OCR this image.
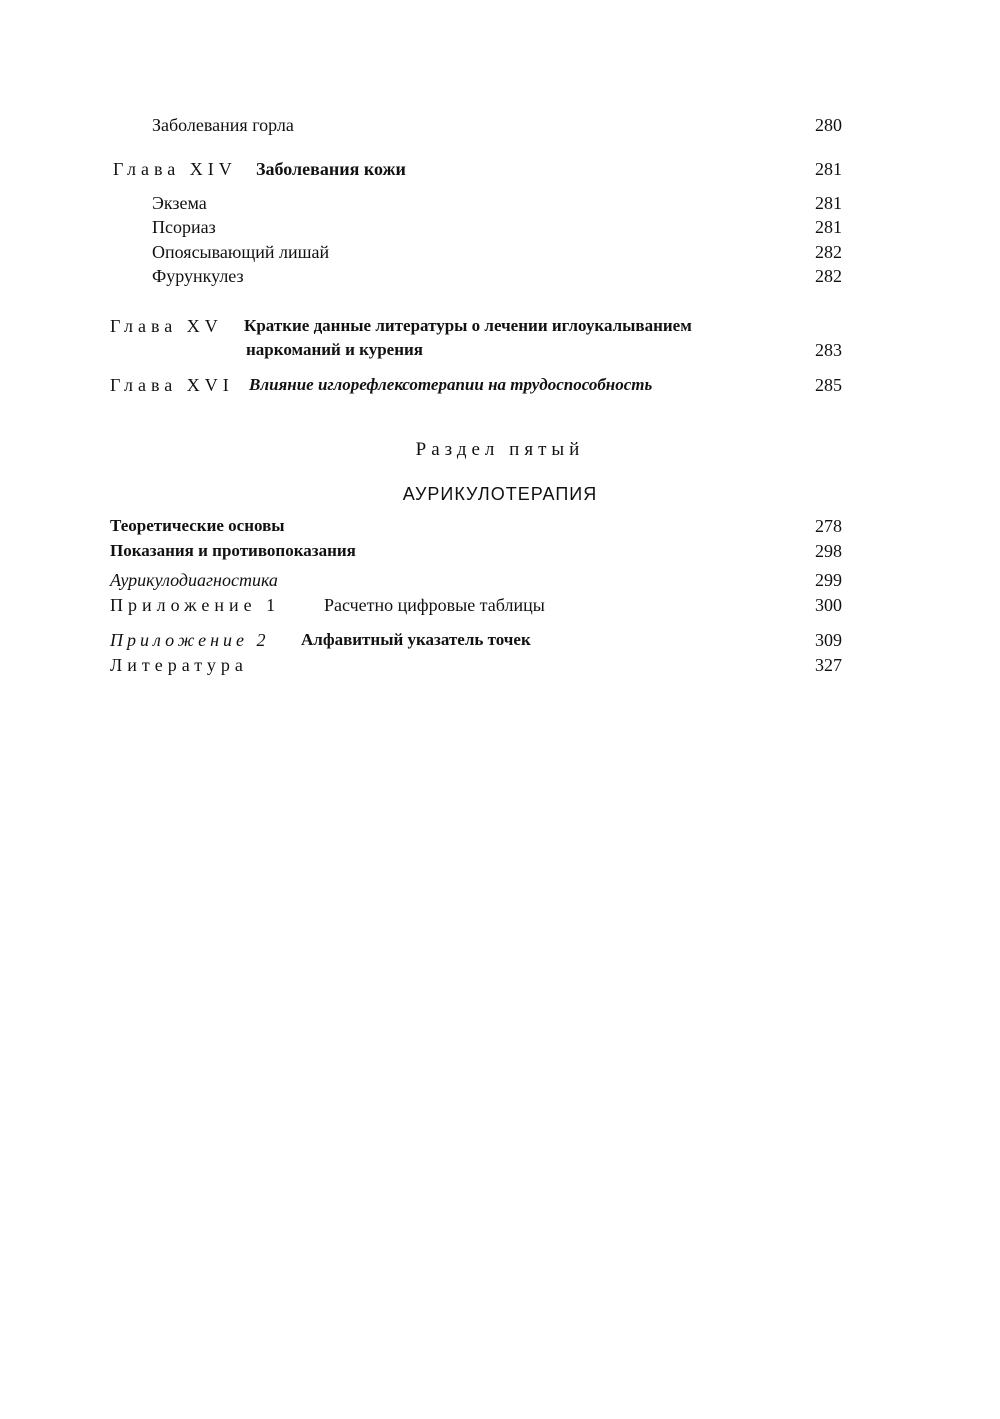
Заболевания горла	280
Глава XIV Заболевания кожи	281
Экзема	281
Псориаз	281
Опоясывающий лишай	282
Фурункулез	282
Глава XV Краткие данные литературы о лечении иглоукалыванием
наркоманий и курения	283
Глава XVI Влияние иглорефлексотерапии на трудоспособность	285
Раздел пятый
АУРИКУЛОТЕРАПИЯ
Теоретические основы	278
Показания и противопоказания	298
Аурикулодиагностика	299
Приложение 1 Расчетно цифровые таблицы	300
Приложение 2 Алфавитный указатель точек	309
Литература	327
